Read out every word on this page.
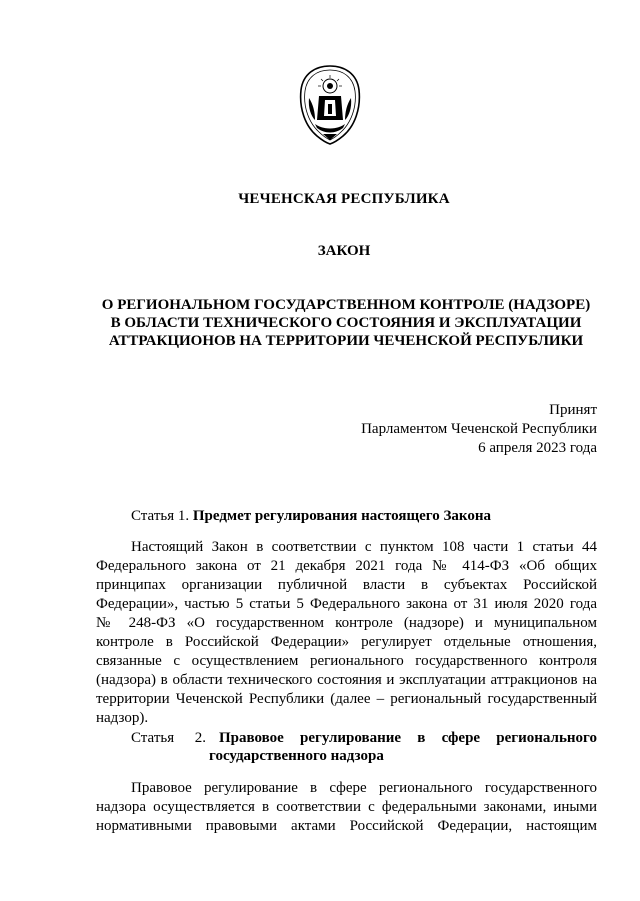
ЧЕЧЕНСКАЯ РЕСПУБЛИКА
ЗАКОН
О РЕГИОНАЛЬНОМ ГОСУДАРСТВЕННОМ КОНТРОЛЕ (НАДЗОРЕ)
В ОБЛАСТИ ТЕХНИЧЕСКОГО СОСТОЯНИЯ И ЭКСПЛУАТАЦИИ
АТТРАКЦИОНОВ НА ТЕРРИТОРИИ ЧЕЧЕНСКОЙ РЕСПУБЛИКИ
Принят
Парламентом Чеченской Республики
6 апреля 2023 года
Статья 1. Предмет регулирования настоящего Закона
Настоящий Закон в соответствии с пунктом 108 части 1 статьи 44
Федерального закона от 21 декабря 2021 года № 414-ФЗ «Об общих
принципах организации публичной власти в субъектах Российской
Федерации», частью 5 статьи 5 Федерального закона от 31 июля 2020 года
№ 248-ФЗ «О государственном контроле (надзоре) и муниципальном
контроле в Российской Федерации» регулирует отдельные отношения,
связанные с осуществлением регионального государственного контроля
(надзора) в области технического состояния и эксплуатации аттракционов на
территории Чеченской Республики (далее – региональный государственный
надзор).
Статья 2. Правовое регулирование в сфере регионального
государственного надзора
Правовое регулирование в сфере регионального государственного
надзора осуществляется в соответствии с федеральными законами, иными
нормативными правовыми актами Российской Федерации, настоящим
